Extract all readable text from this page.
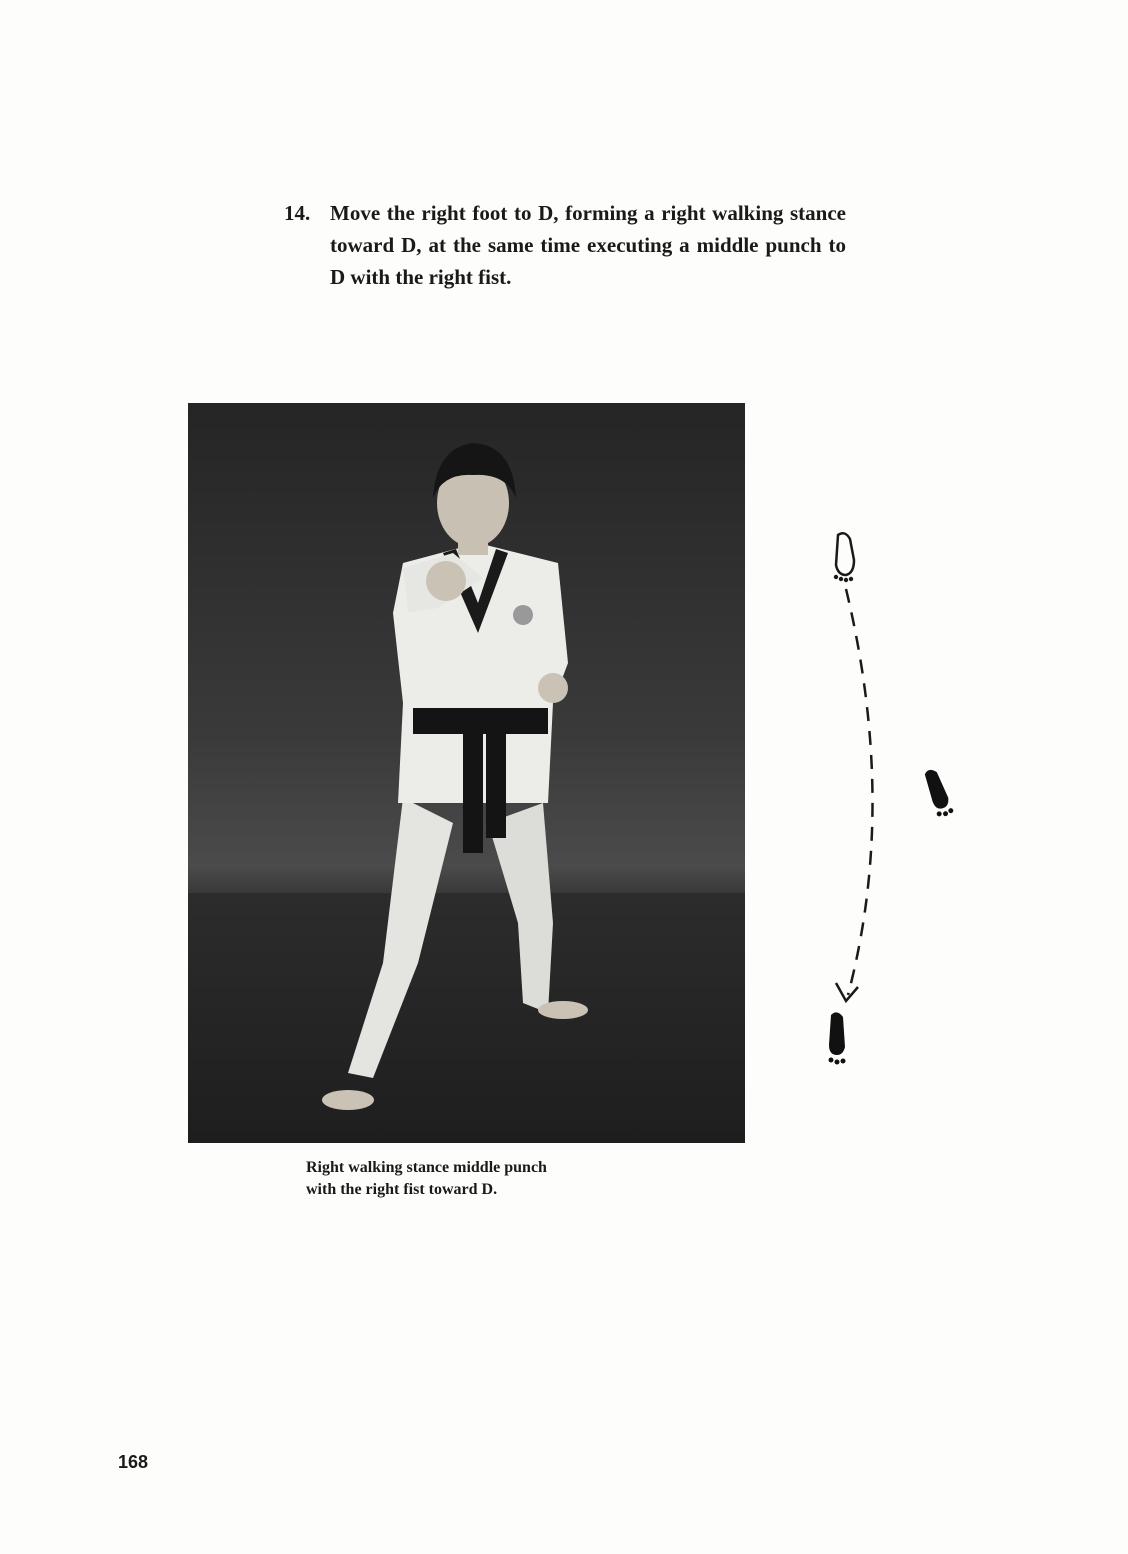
14. Move the right foot to D, forming a right walking stance toward D, at the same time executing a middle punch to D with the right fist.
Right walking stance middle punch
with the right fist toward D.
168
